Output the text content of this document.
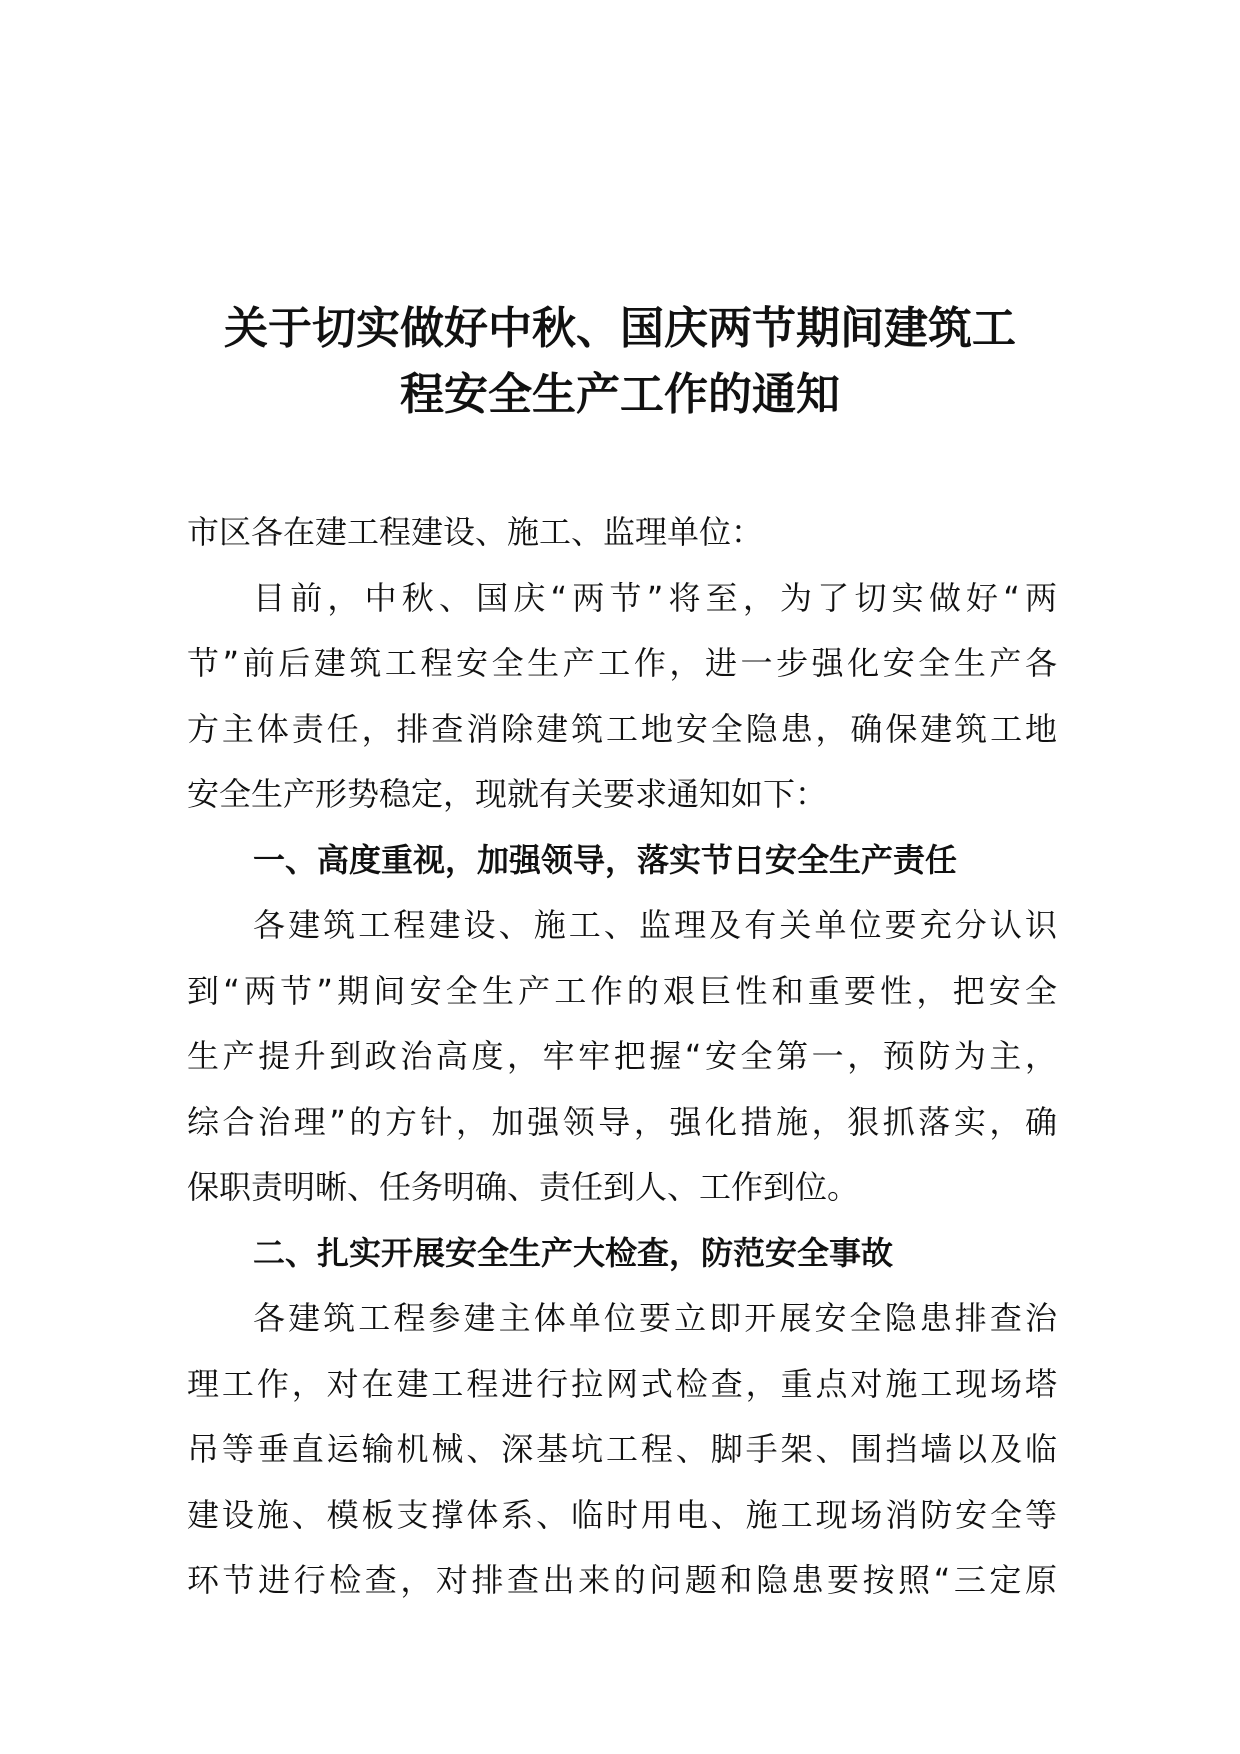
关于切实做好中秋、国庆两节期间建筑工
程安全生产工作的通知
市区各在建工程建设、施工、监理单位：
目前，中秋、国庆“两节”将至，为了切实做好“两
节”前后建筑工程安全生产工作，进一步强化安全生产各
方主体责任，排查消除建筑工地安全隐患，确保建筑工地
安全生产形势稳定，现就有关要求通知如下：
一、高度重视，加强领导，落实节日安全生产责任
各建筑工程建设、施工、监理及有关单位要充分认识
到“两节”期间安全生产工作的艰巨性和重要性，把安全
生产提升到政治高度，牢牢把握“安全第一，预防为主，
综合治理”的方针，加强领导，强化措施，狠抓落实，确
保职责明晰、任务明确、责任到人、工作到位。
二、扎实开展安全生产大检查，防范安全事故
各建筑工程参建主体单位要立即开展安全隐患排查治
理工作，对在建工程进行拉网式检查，重点对施工现场塔
吊等垂直运输机械、深基坑工程、脚手架、围挡墙以及临
建设施、模板支撑体系、临时用电、施工现场消防安全等
环节进行检查，对排查出来的问题和隐患要按照“三定原
